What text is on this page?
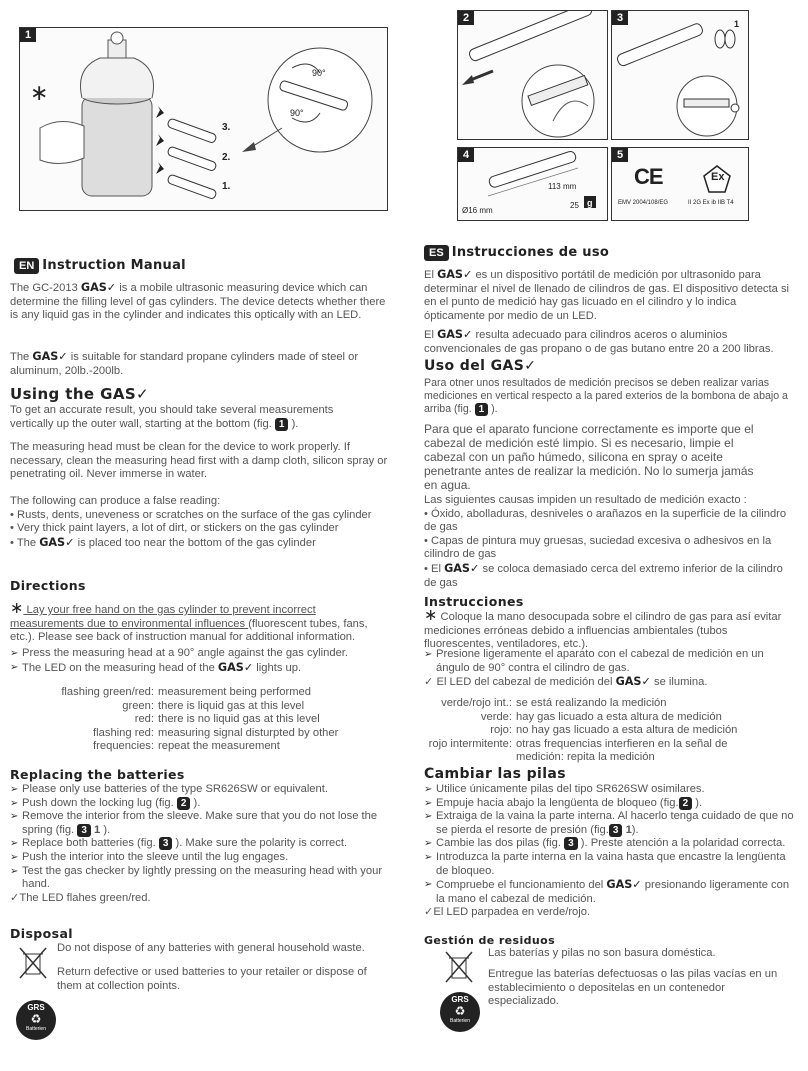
1
∗
3.
2.
1.
90°
90°
2	3	1
4
113 mm
Ø16 mm
25 g
5
CE	Ex
EMV 2004/108/EG	II 2G Ex ib IIB T4
EN Instruction Manual
The GC-2013 GAS✓ is a mobile ultrasonic measuring device which can determine the filling level of gas cylinders. The device detects whether there is any liquid gas in the cylinder and indicates this optically with an LED.
The GAS✓ is suitable for standard propane cylinders made of steel or aluminum, 20lb.-200lb.
Using the GAS✓
To get an accurate result, you should take several measurements vertically up the outer wall, starting at the bottom (fig. 1 ).
The measuring head must be clean for the device to work properly. If necessary, clean the measuring head first with a damp cloth, silicon spray or penetrating oil. Never immerse in water.
The following can produce a false reading:
• Rusts, dents, uneveness or scratches on the surface of the gas cylinder
• Very thick paint layers, a lot of dirt, or stickers on the gas cylinder
• The GAS✓ is placed too near the bottom of the gas cylinder
Directions
∗ Lay your free hand on the gas cylinder to prevent incorrect measurements due to environmental influences (fluorescent tubes, fans, etc.). Please see back of instruction manual for additional information.
➢ Press the measuring head at a 90° angle against the gas cylinder.
➢ The LED on the measuring head of the GAS✓ lights up.
flashing green/red: measurement being performed
green: there is liquid gas at this level
red: there is no liquid gas at this level
flashing red: measuring signal disturpted by other
frequencies: repeat the measurement
Replacing the batteries
➢ Please only use batteries of the type SR626SW or equivalent.
➢ Push down the locking lug (fig. 2 ).
➢ Remove the interior from the sleeve. Make sure that you do not lose the spring (fig. 3 1 ).
➢ Replace both batteries (fig. 3 ). Make sure the polarity is correct.
➢ Push the interior into the sleeve until the lug engages.
➢ Test the gas checker by lightly pressing on the measuring head with your hand.
✓The LED flahes green/red.
Disposal
Do not dispose of any batteries with general household waste.
Return defective or used batteries to your retailer or dispose of them at collection points.
GRS
♻
Batterien
ES Instrucciones de uso
El GAS✓ es un dispositivo portátil de medición por ultrasonido para determinar el nivel de llenado de cilindros de gas. El dispositivo detecta si en el punto de medició hay gas licuado en el cilindro y lo indica ópticamente por medio de un LED.
El GAS✓ resulta adecuado para cilindros aceros o aluminios convencionales de gas propano o de gas butano entre 20 a 200 libras.
Uso del GAS✓
Para otner unos resultados de medición precisos se deben realizar varias mediciones en vertical respecto a la pared exterios de la bombona de abajo a arriba (fig. 1 ).
Para que el aparato funcione correctamente es importe que el cabezal de medición esté limpio. Si es necesario, limpie el cabezal con un paño húmedo, silicona en spray o aceite penetrante antes de realizar la medición. No lo sumerja jamás en agua.
Las siguientes causas impiden un resultado de medición exacto :
• Óxido, abolladuras, desniveles o arañazos en la superficie de la cilindro de gas
• Capas de pintura muy gruesas, suciedad excesiva o adhesivos en la cilindro de gas
• El GAS✓ se coloca demasiado cerca del extremo inferior de la cilindro de gas
Instrucciones
∗ Coloque la mano desocupada sobre el cilindro de gas para así evitar mediciones erróneas debido a influencias ambientales (tubos fluorescentes, ventiladores, etc.).
➢ Presione ligeramente el aparato con el cabezal de medición en un ángulo de 90° contra el cilindro de gas.
✓ El LED del cabezal de medición del GAS✓ se ilumina.
verde/rojo int.: se está realizando la medición
verde: hay gas licuado a esta altura de medición
rojo: no hay gas licuado a esta altura de medición
rojo intermitente: otras frequencias interfieren en la señal de
medición: repita la medición
Cambiar las pilas
➢ Utilice únicamente pilas del tipo SR626SW osimilares.
➢ Empuje hacia abajo la lengüenta de bloqueo (fig. 2 ).
➢ Extraiga de la vaina la parte interna. Al hacerlo tenga cuidado de que no se pierda el resorte de presión (fig. 3 1).
➢ Cambie las dos pilas (fig. 3 ). Preste atención a la polaridad correcta.
➢ Introduzca la parte interna en la vaina hasta que encastre la lengüenta de bloqueo.
➢ Compruebe el funcionamiento del GAS✓ presionando ligeramente con la mano el cabezal de medición.
✓El LED parpadea en verde/rojo.
Gestión de residuos
Las baterías y pilas no son basura doméstica.
Entregue las baterías defectuosas o las pilas vacías en un establecimiento o depositelas en un contenedor especializado.
GRS
♻
Batterien
